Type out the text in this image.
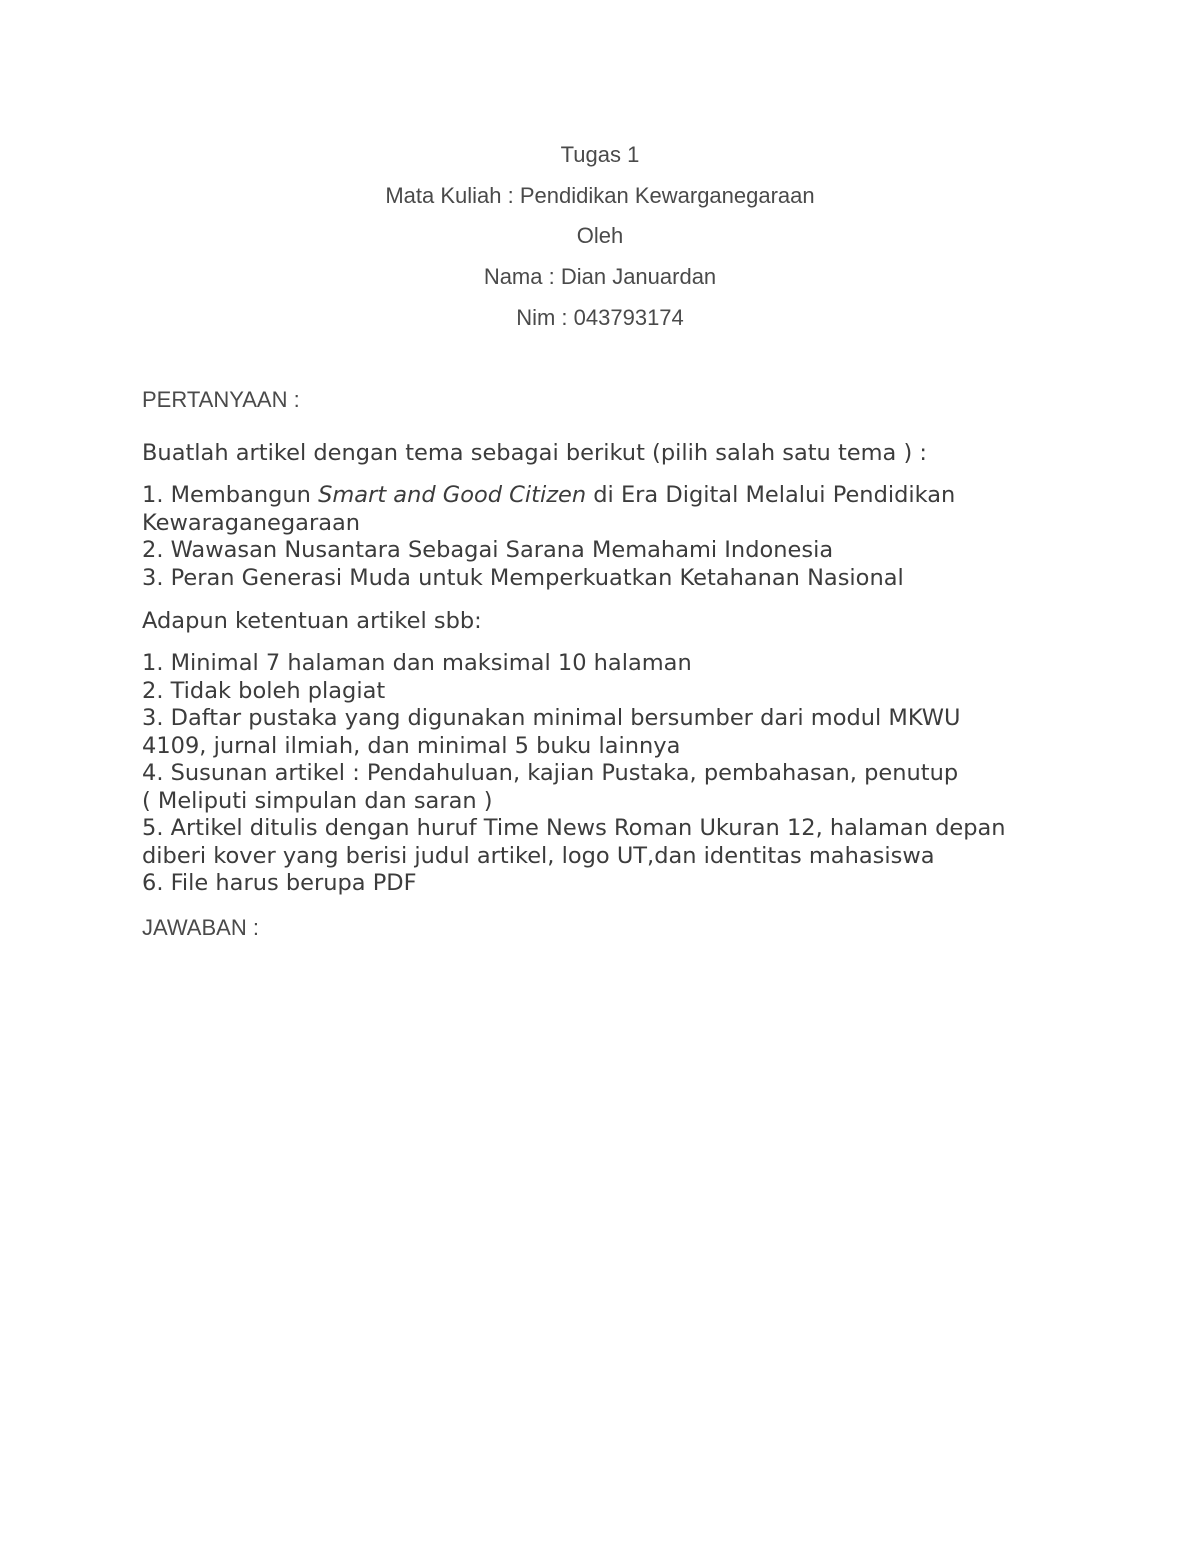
Tugas 1
Mata Kuliah : Pendidikan Kewarganegaraan
Oleh
Nama : Dian Januardan
Nim : 043793174
PERTANYAAN :
Buatlah artikel dengan tema sebagai berikut (pilih salah satu tema ) :
1. Membangun Smart and Good Citizen di Era Digital Melalui Pendidikan
Kewaraganegaraan
2. Wawasan Nusantara Sebagai Sarana Memahami Indonesia
3. Peran Generasi Muda untuk Memperkuatkan Ketahanan Nasional
Adapun ketentuan artikel sbb:
1. Minimal 7 halaman dan maksimal 10 halaman
2. Tidak boleh plagiat
3. Daftar pustaka yang digunakan minimal bersumber dari modul MKWU
4109, jurnal ilmiah, dan minimal 5 buku lainnya
4. Susunan artikel : Pendahuluan, kajian Pustaka, pembahasan, penutup
( Meliputi simpulan dan saran )
5. Artikel ditulis dengan huruf Time News Roman Ukuran 12, halaman depan
diberi kover yang berisi judul artikel, logo UT,dan identitas mahasiswa
6. File harus berupa PDF
JAWABAN :
